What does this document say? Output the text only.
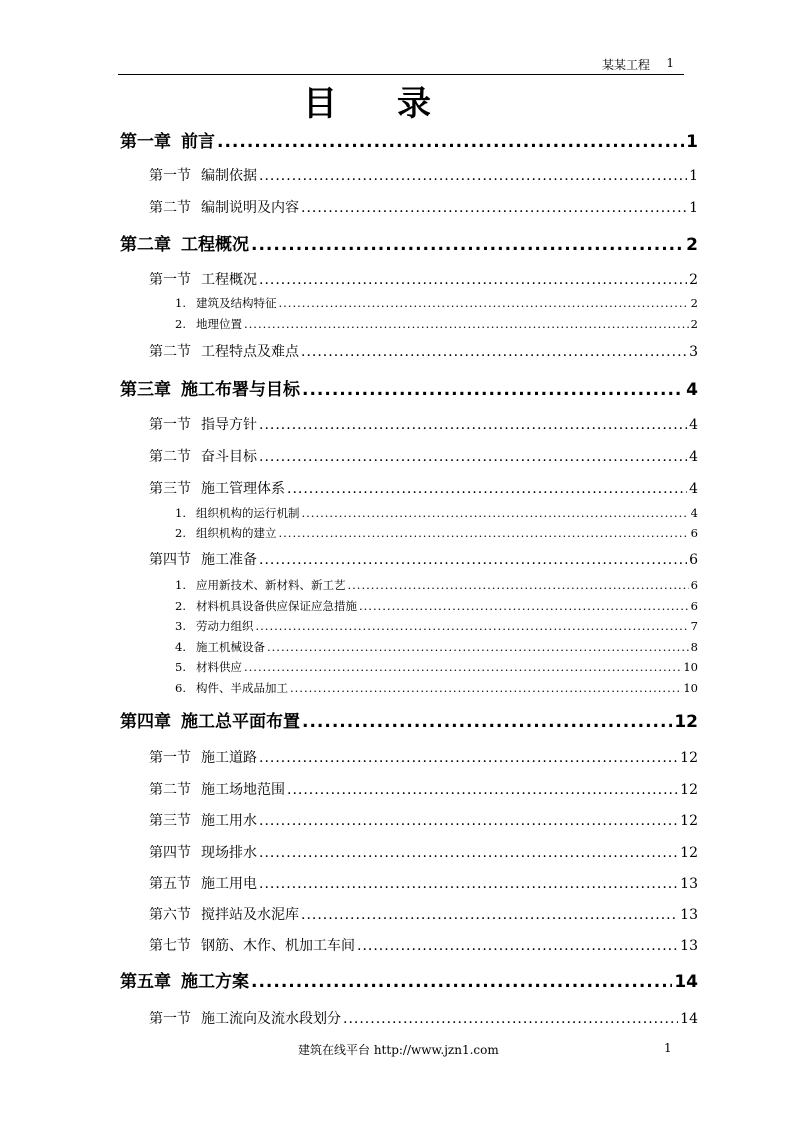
某某工程 1
目录
第一章 前言 .....	1
第一节 编制依据 .....	1
第二节 编制说明及内容 .....	1
第二章 工程概况 .....	2
第一节 工程概况 .....	2
1. 建筑及结构特征 .....	2
2. 地理位置 .....	2
第二节 工程特点及难点 .....	3
第三章 施工布署与目标 .....	4
第一节 指导方针 .....	4
第二节 奋斗目标 .....	4
第三节 施工管理体系 .....	4
1. 组织机构的运行机制 .....	4
2. 组织机构的建立 .....	6
第四节 施工准备 .....	6
1. 应用新技术、新材料、新工艺 .....	6
2. 材料机具设备供应保证应急措施 .....	6
3. 劳动力组织 .....	7
4. 施工机械设备 .....	8
5. 材料供应 .....	10
6. 构件、半成品加工 .....	10
第四章 施工总平面布置 .....	12
第一节 施工道路 .....	12
第二节 施工场地范围 .....	12
第三节 施工用水 .....	12
第四节 现场排水 .....	12
第五节 施工用电 .....	13
第六节 搅拌站及水泥库 .....	13
第七节 钢筋、木作、机加工车间 .....	13
第五章 施工方案 .....	14
第一节 施工流向及流水段划分 .....	14
建筑在线平台 http://www.jzn1.com	1
